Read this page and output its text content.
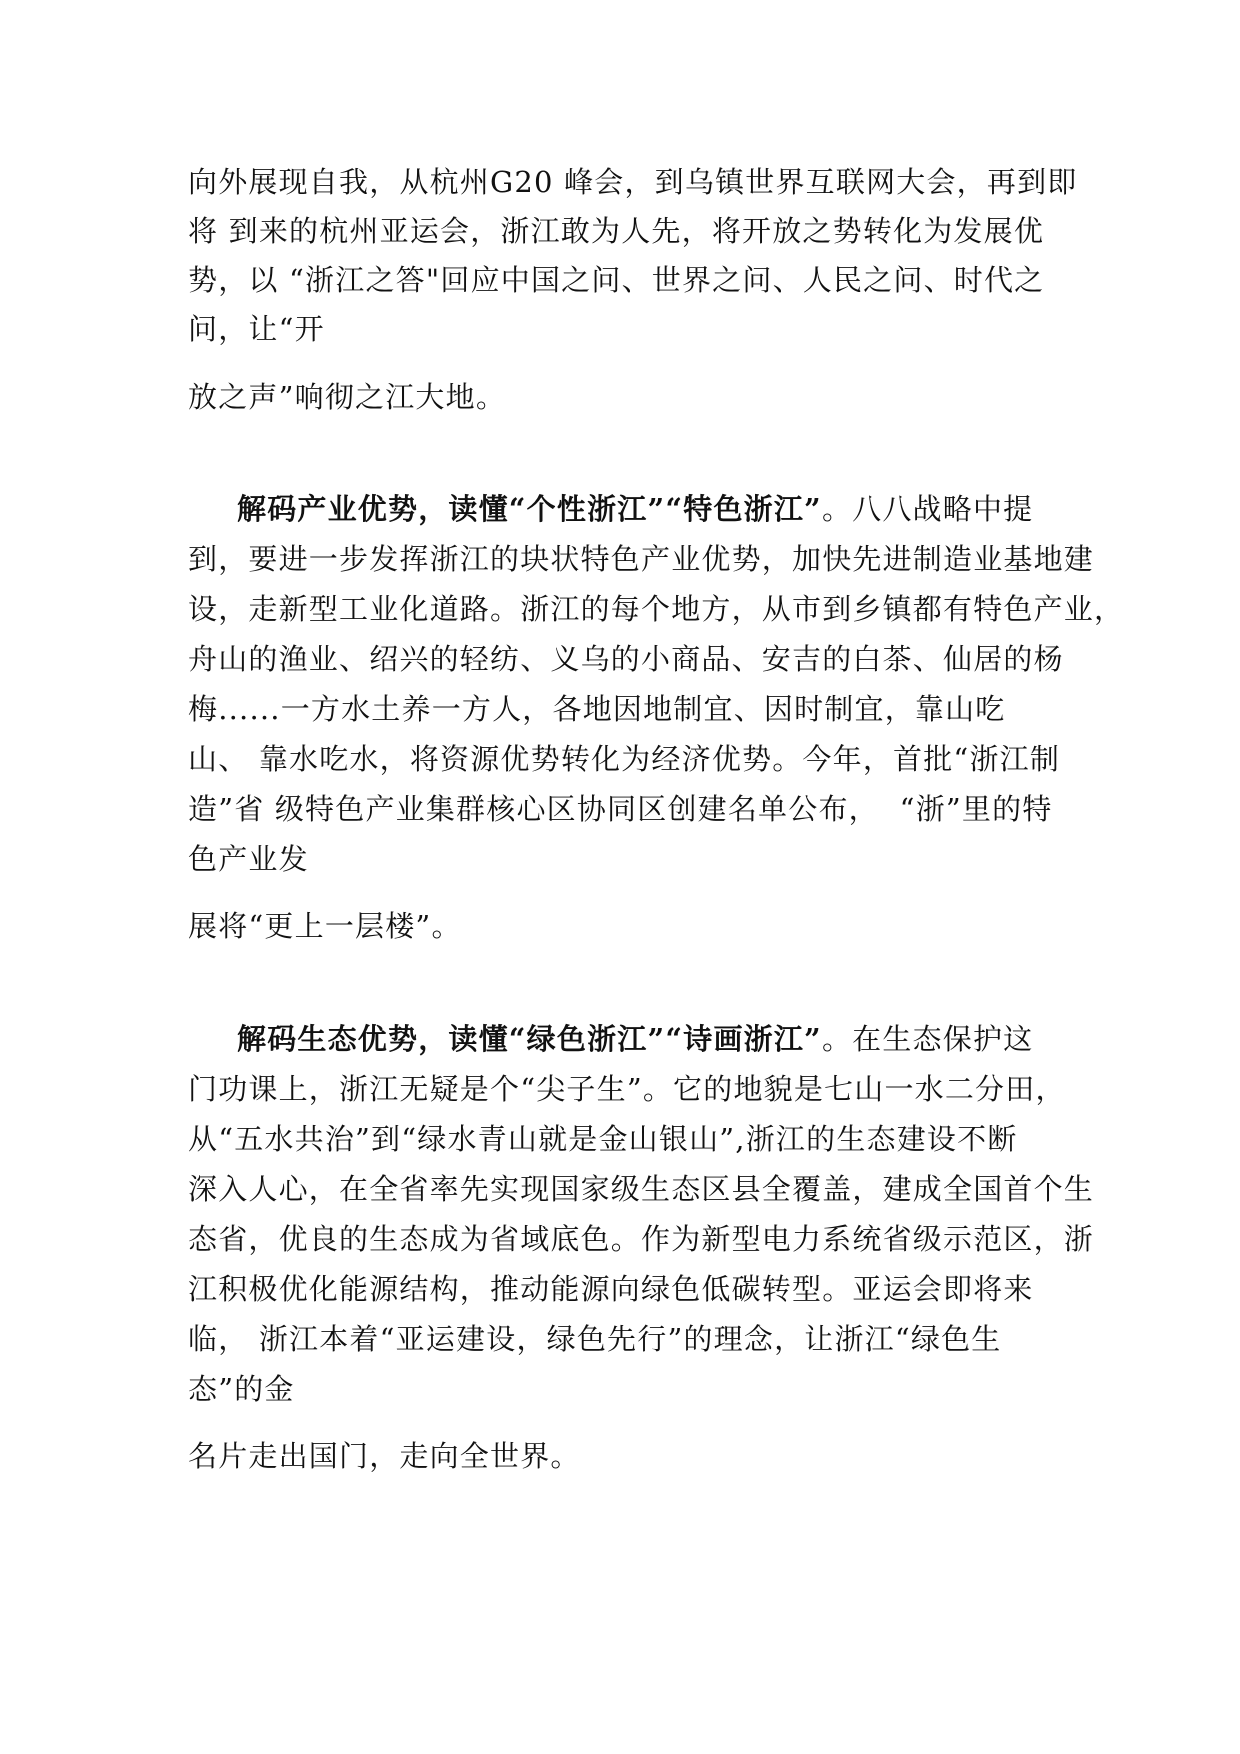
向外展现自我，从杭州G20 峰会，到乌镇世界互联网大会，再到即
将 到来的杭州亚运会，浙江敢为人先，将开放之势转化为发展优
势，以 “浙江之答"回应中国之问、世界之问、人民之问、时代之
问，让“开
放之声”响彻之江大地。
解码产业优势，读懂“个性浙江”“特色浙江”。八八战略中提
到，要进一步发挥浙江的块状特色产业优势，加快先进制造业基地建
设，走新型工业化道路。浙江的每个地方，从市到乡镇都有特色产业，
舟山的渔业、绍兴的轻纺、义乌的小商品、安吉的白茶、仙居的杨
梅......一方水土养一方人，各地因地制宜、因时制宜，靠山吃
山、 靠水吃水，将资源优势转化为经济优势。今年，首批“浙江制
造”省 级特色产业集群核心区协同区创建名单公布，  “浙”里的特
色产业发
展将“更上一层楼”。
解码生态优势，读懂“绿色浙江”“诗画浙江”。在生态保护这
门功课上，浙江无疑是个“尖子生”。它的地貌是七山一水二分田，
从“五水共治”到“绿水青山就是金山银山”,浙江的生态建设不断
深入人心，在全省率先实现国家级生态区县全覆盖，建成全国首个生
态省，优良的生态成为省域底色。作为新型电力系统省级示范区，浙
江积极优化能源结构，推动能源向绿色低碳转型。亚运会即将来
临， 浙江本着“亚运建设，绿色先行”的理念，让浙江“绿色生
态”的金
名片走出国门，走向全世界。
